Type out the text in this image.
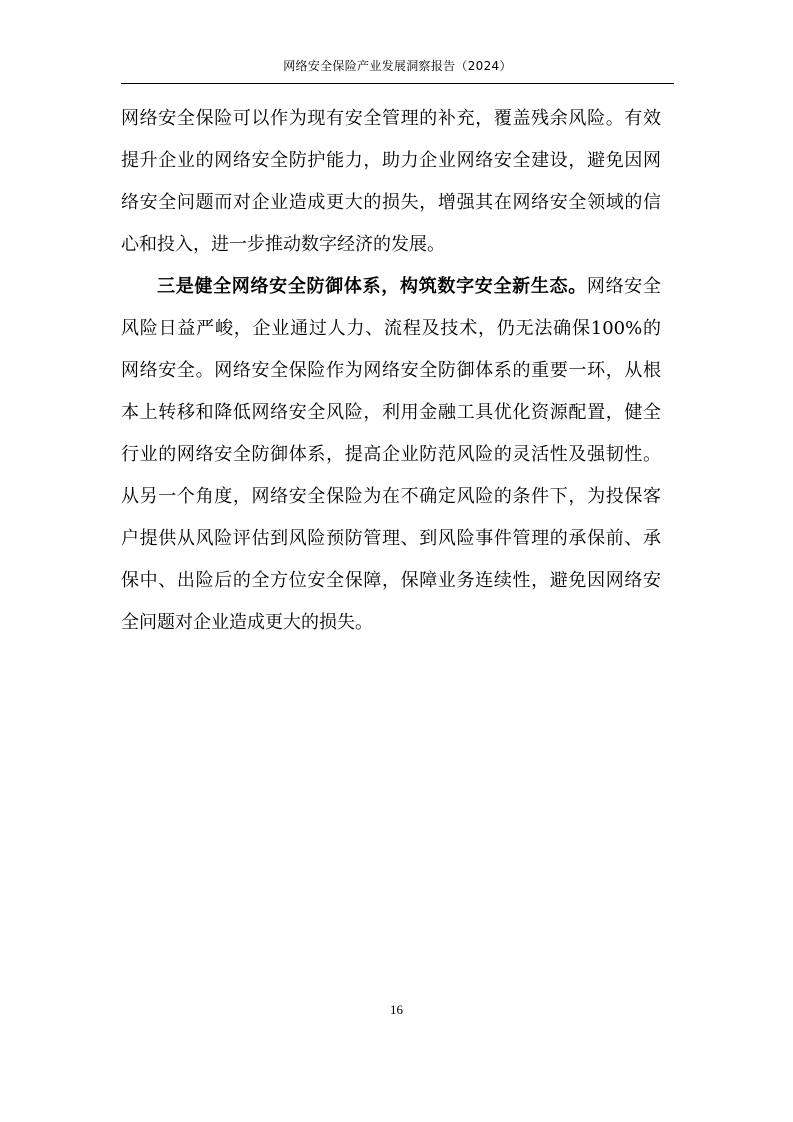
网络安全保险产业发展洞察报告（2024）
网络安全保险可以作为现有安全管理的补充，覆盖残余风险。有效
提升企业的网络安全防护能力，助力企业网络安全建设，避免因网
络安全问题而对企业造成更大的损失，增强其在网络安全领域的信
心和投入，进一步推动数字经济的发展。
三是健全网络安全防御体系，构筑数字安全新生态。网络安全
风险日益严峻，企业通过人力、流程及技术，仍无法确保100%的
网络安全。网络安全保险作为网络安全防御体系的重要一环，从根
本上转移和降低网络安全风险，利用金融工具优化资源配置，健全
行业的网络安全防御体系，提高企业防范风险的灵活性及强韧性。
从另一个角度，网络安全保险为在不确定风险的条件下，为投保客
户提供从风险评估到风险预防管理、到风险事件管理的承保前、承
保中、出险后的全方位安全保障，保障业务连续性，避免因网络安
全问题对企业造成更大的损失。
16
